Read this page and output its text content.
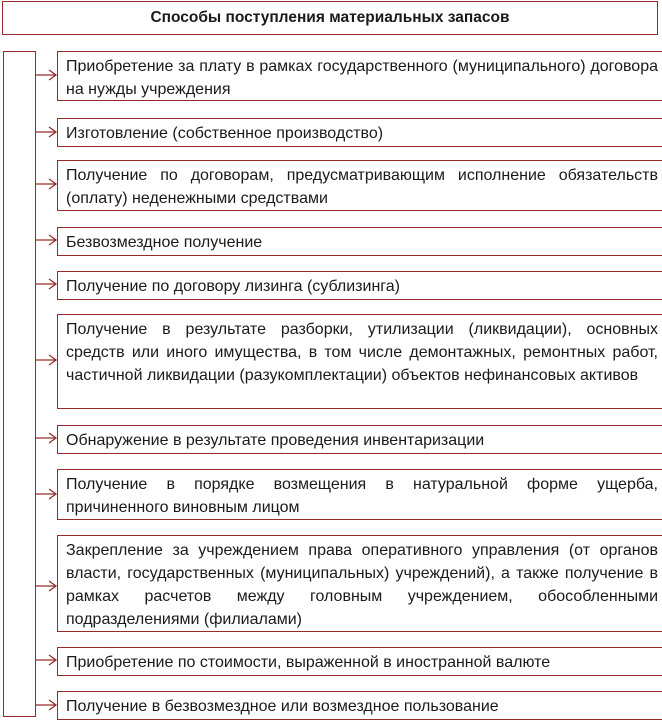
Способы поступления материальных запасов
Приобретение за плату в рамках государственного (муниципального) договора на нужды учреждения
Изготовление (собственное производство)
Получение по договорам, предусматривающим исполнение обязательств (оплату) неденежными средствами
Безвозмездное получение
Получение по договору лизинга (сублизинга)
Получение в результате разборки, утилизации (ликвидации), основных средств или иного имущества, в том числе демонтажных, ремонтных работ, частичной ликвидации (разукомплектации) объектов нефинансовых активов
Обнаружение в результате проведения инвентаризации
Получение в порядке возмещения в натуральной форме ущерба, причиненного виновным лицом
Закрепление за учреждением права оперативного управления (от органов власти, государственных (муниципальных) учреждений), а также получение в рамках расчетов между головным учреждением, обособленными подразделениями (филиалами)
Приобретение по стоимости, выраженной в иностранной валюте
Получение в безвозмездное или возмездное пользование
